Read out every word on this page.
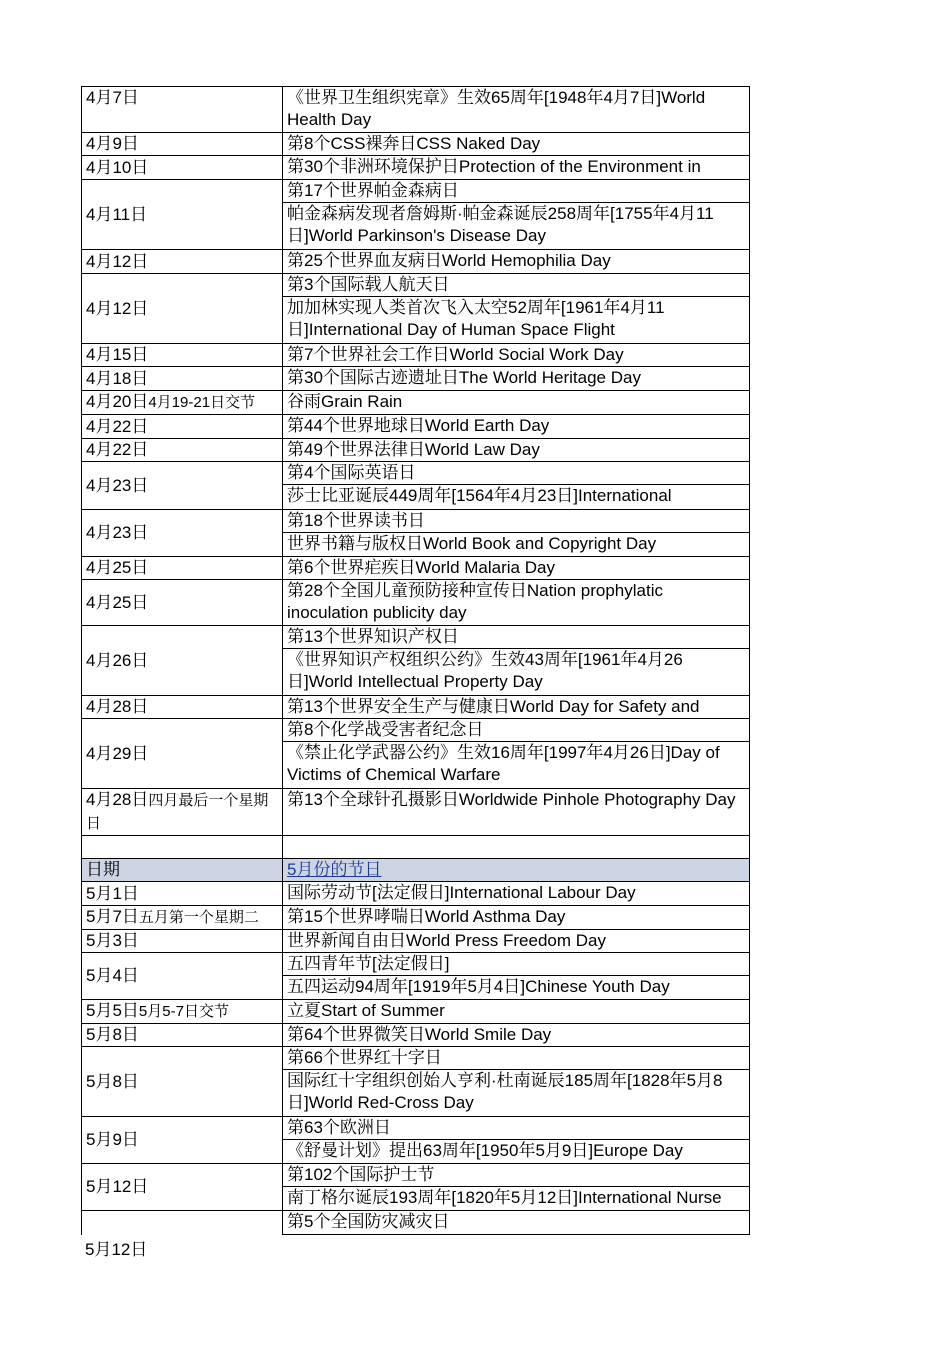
4月7日	《世界卫生组织宪章》生效65周年[1948年4月7日]World Health Day
4月9日	第8个CSS裸奔日CSS Naked Day
4月10日	第30个非洲环境保护日Protection of the Environment in
4月11日	第17个世界帕金森病日
	帕金森病发现者詹姆斯·帕金森诞辰258周年[1755年4月11日]World Parkinson's Disease Day
4月12日	第25个世界血友病日World Hemophilia Day
4月12日	第3个国际载人航天日
	加加林实现人类首次飞入太空52周年[1961年4月11日]International Day of Human Space Flight
4月15日	第7个世界社会工作日World Social Work Day
4月18日	第30个国际古迹遗址日The World Heritage Day
4月20日4月19-21日交节	谷雨Grain Rain
4月22日	第44个世界地球日World Earth Day
4月22日	第49个世界法律日World Law Day
4月23日	第4个国际英语日
	莎士比亚诞辰449周年[1564年4月23日]International
4月23日	第18个世界读书日
	世界书籍与版权日World Book and Copyright Day
4月25日	第6个世界疟疾日World Malaria Day
4月25日	第28个全国儿童预防接种宣传日Nation prophylatic inoculation publicity day
4月26日	第13个世界知识产权日
	《世界知识产权组织公约》生效43周年[1961年4月26日]World Intellectual Property Day
4月28日	第13个世界安全生产与健康日World Day for Safety and
4月29日	第8个化学战受害者纪念日
	《禁止化学武器公约》生效16周年[1997年4月26日]Day of Victims of Chemical Warfare
4月28日四月最后一个星期日	第13个全球针孔摄影日Worldwide Pinhole Photography Day

日期	5月份的节日
5月1日	国际劳动节[法定假日]International Labour Day
5月7日五月第一个星期二	第15个世界哮喘日World Asthma Day
5月3日	世界新闻自由日World Press Freedom Day
5月4日	五四青年节[法定假日]
	五四运动94周年[1919年5月4日]Chinese Youth Day
5月5日5月5-7日交节	立夏Start of Summer
5月8日	第64个世界微笑日World Smile Day
5月8日	第66个世界红十字日
	国际红十字组织创始人亨利·杜南诞辰185周年[1828年5月8日]World Red-Cross Day
5月9日	第63个欧洲日
	《舒曼计划》提出63周年[1950年5月9日]Europe Day
5月12日	第102个国际护士节
	南丁格尔诞辰193周年[1820年5月12日]International Nurse
	第5个全国防灾减灾日
5月12日
